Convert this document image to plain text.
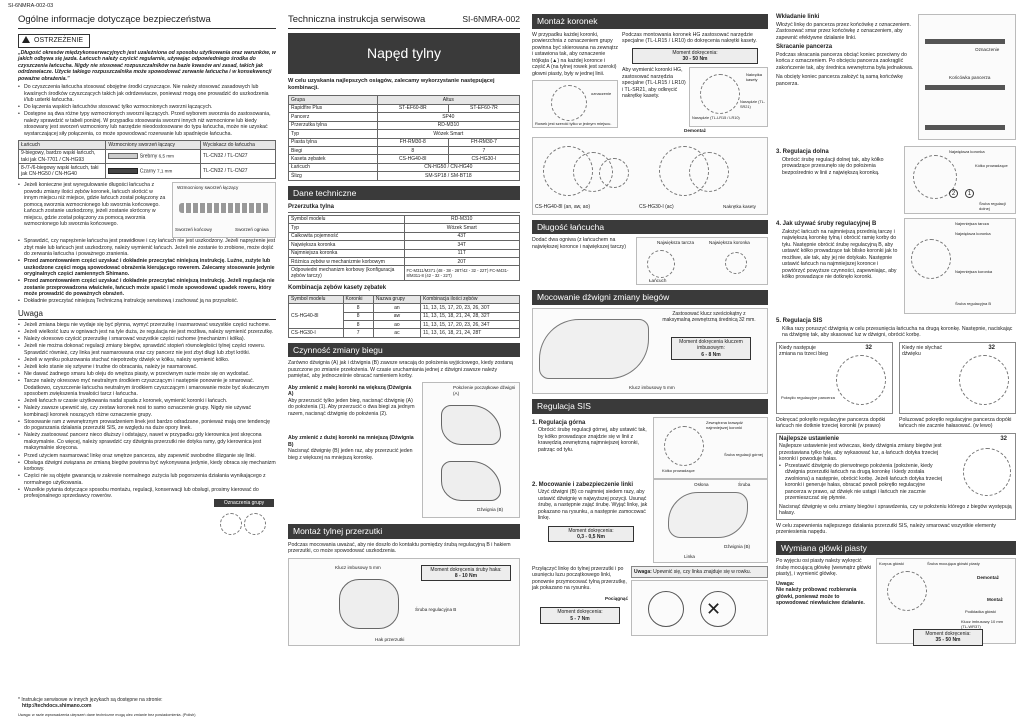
SI-6NMRA-002-03
Ogólne informacje dotyczące bezpieczeństwa
OSTRZEŻENIE

„Długość okresów międzykonserwacyjnych jest uzależniona od sposobu użytkowania oraz warunków, w jakich odbywa się jazda. Łańcuch należy czyścić regularnie, używając odpowiedniego środka do czyszczenia łańcucha. Nigdy nie stosować rozpuszczalników na bazie kwasów ani zasad, takich jak odrdzewiacze. Użycie takiego rozpuszczalnika może spowodować zerwanie łańcucha i w konsekwencji poważne obrażenia.”

• Do czyszczenia łańcucha stosować obojętne środki czyszczące. Nie należy stosować zasadowych lub kwaśnych środków czyszczących takich jak odrdzewiacze, ponieważ mogą one prowadzić do uszkodzenia i/lub usterki łańcucha.
• Do łączenia wąskich łańcuchów stosować tylko wzmocnionych sworzni łączących.
• Dostępne są dwa różne typy wzmocnionych sworzni łączących. Przed wyborem sworznia do zastosowania, należy sprawdzić w tabeli poniżej. W przypadku stosowania sworzni innych niż wzmocnione lub kiedy stosowany jest sworzeń wzmocniony lub narzędzie nieodostosowane do typu łańcucha, może nie uzyskać wystarczającej siły połączenia, co może spowodować rozerwanie lub spadnięcie łańcucha.
Łańcuch	Wzmocniony sworzeń łączący	Wyciskacz do łańcucha
9-biegowy, bardzo wąski łańcuch, taki jak CN-7701 / CN-HG93	Srebrny 6,5 mm	TL-CN32 / TL-CN27
8-/7-/6-biegowy wąski łańcuch, taki jak CN-HG50 / CN-HG40	Czarny 7,1 mm	TL-CN32 / TL-CN27
• Jeżeli konieczne jest wyregulowanie długości łańcucha z powodu zmiany ilości zębów koronek, łańcuch skrócić w innym miejscu niż miejsce, gdzie łańcuch został połączony za pomocą sworznia wzmocnionego lub sworznia końcowego. Łańcuch zostanie uszkodzony, jeżeli zostanie skrócony w miejscu, gdzie został połączony za pomocą sworznia wzmocnionego lub sworznia końcowego.
Wzmocniony sworzeń łączący
Sworzeń końcowy	Sworzeń ogniwa
• Sprawdzić, czy naprężenie łańcucha jest prawidłowe i czy łańcuch nie jest uszkodzony. Jeżeli naprężenie jest zbyt małe lub łańcuch jest uszkodzony, należy wymienić łańcuch. Jeżeli nie zostanie to zrobione, może dojść do zerwania łańcucha i poważnego zranienia.
• Przed zamontowaniem części uzyskać i dokładnie przeczytać niniejszą instrukcję. Luźne, zużyte lub uszkodzone części mogą spowodować obrażenia kierującego rowerem. Zalecamy stosowanie jedynie oryginalnych części zamiennych Shimano.
• Przed zamontowaniem części uzyskać i dokładnie przeczytać niniejszą instrukcję. Jeżeli regulacja nie zostanie przeprowadzona właściwie, łańcuch może spaść i może spowodować upadek roweru, który może prowadzić do poważnych obrażeń.
• Dokładnie przeczytać niniejszą Techniczną instrukcję serwisową i zachować ją na przyszłość.
Uwaga
• Jeżeli zmiana biegu nie wydaje się być płynna, wymyć przerzutkę i nasmarować wszystkie części ruchome.
• Jeżeli wielkość luzu w ogniwach jest na tyle duża, że regulacja nie jest możliwa, należy wymienić przerzutkę.
• Należy okresowo czyścić przerzutkę i smarować wszystkie części ruchome (mechanizm i kółka).
• Jeżeli nie można dokonać regulacji zmiany biegów, sprawdzić stopień równoległości tylnej części roweru. Sprawdzić również, czy linka jest nasmarowana oraz czy pancerz nie jest zbyt długi lub zbyt krótki.
• Jeżeli w wyniku poluzowania stuchać niepotrzeby dźwięk w kółku, należy wymienić kółko.
• Jeżeli koło stanie się sztywne i trudne do obracania, należy je nasmarować.
• Nie dawać żadnego smaru lub oleju do wnętrza piasty, w przeciwnym razie może się on wydostać.
• Tarcze należy okresowo myć neutralnym środkiem czyszczącym i następnie ponownie je smarować. Dodatkowo, czyszczenie łańcucha neutralnym środkiem czyszczącym i smarowanie może być skutecznym sposobem zwiększenia trwałości tarcz i łańcucha.
• Jeżeli łańcuch w czasie użytkowania nadal spada z koronek, wymienić koronki i łańcuch.
• Należy zawsze upewnić się, czy zestaw koronek nosi to samo oznaczenie grupy. Nigdy nie używać kombinacji koronek noszących różne oznaczenie grupy.
• Stosowanie ram z wewnętrznym prowadzeniem linek jest bardzo odradzane, ponieważ mają one tendencję do pogarszania działania przerzutki SIS, ze względu na duże opory linek.
• Należy zastosować pancerz nieco dłuższy i odstający, nawet w przypadku gdy kierownica jest skręcona maksymalnie. Co więcej, należy sprawdzić czy dźwignia przerzutki nie dotyka ramy, gdy kierownica jest maksymalnie skręcona.
• Przed użyciem nasmarować linkę oraz wnętrze pancerza, aby zapewnić swobodne ślizganie się linki.
• Obsługa dźwigni związana ze zmianą biegów powinna być wykonywana jedynie, kiedy obraca się mechanizm korbowy.
• Części nie są objęte gwarancją w zakresie normalnego zużycia lub pogorszenia działania wynikającego z normalnego użytkowania.
• Wszelkie pytania dotyczące sposobu montażu, regulacji, konserwacji lub obsługi, prosimy kierować do profesjonalnego sprzedawcy rowerów.
Oznaczenia grupy
* Instrukcje serwisowe w innych językach są dostępne na stronie:
http://techdocs.shimano.com
Uwaga: w razie wprowadzenia ulepszeń dane techniczne mogą ulec zmianie bez powiadomienia. (Polish)
Techniczna instrukcja serwisowa	SI-6NMRA-002
Napęd tylny

W celu uzyskania najlepszych osiągów, zalecamy wykorzystanie następującej kombinacji.

Grupa	Altus	
Rapidfire Plus	ST-EF60-8R	ST-EF60-7R
Pancerz	SP40	
Przerzutka tylna	RD-M310	
Typ	Wózek Smart	
Piasta tylna	FH-RM30-8	FH-RM30-7
Biegi	8	7
Kaseta zębatek	CS-HG40-8I	CS-HG30-I
Łańcuch	CN-HG50 / CN-HG40	
Ślizg	SM-SP18 / SM-BT18	
Dane techniczne
Przerzutka tylna
Symbol modelu	RD-M310
Typ	Wózek Smart
Całkowita pojemność	43T
Największa koronka	34T
Najmniejsza koronka	11T
Różnica zębów w mechanizmie korbowym	20T
Odpowiedni mechanizm korbowy (konfiguracja zębów tarczy)	FC-M311/M371 (48 - 38 - 28T/42 - 32 - 22T) FC-M431-8/M311-8 (42 - 32 - 22T)
Kombinacja zębów kasety zębatek
Symbol modelu	Koronki	Nazwa grupy	Kombinacja ilości zębów
CS-HG40-8I	8	an	11, 13, 15, 17, 20, 23, 26, 30T
	8	aw	11, 13, 15, 18, 21, 24, 28, 32T
	8	ao	11, 13, 15, 17, 20, 23, 26, 34T
CS-HG30-I	7	ac	11, 13, 16, 18, 21, 24, 28T
Czynność zmiany biegu

Zarówno dźwignia (A) jak i dźwignia (B) zawsze wracają do położenia wyjściowego, kiedy zostaną puszczone po zmianie przełożenia. W czasie uruchamiania jednej z dźwigni zawsze należy pamiętać, aby jednocześnie obracać ramieniem korby.

Aby zmienić z małej koronki na większą (Dźwignia A)

Aby przerzucić tylko jeden bieg, nacisnąć dźwignię (A) do położenia (1). Aby przerzucić o dwa biegi za jednym razem, nacisnąć dźwignię do położenia (2).

Aby zmienić z dużej koronki na mniejszą (Dźwignia B)

Nacisnąć dźwignię (B) jeden raz, aby przerzucić jeden bieg z większej na mniejszą koronkę.

Położenie początkowe dźwigni (A)
Dźwignia (B)
Montaż tylnej przerzutki

Podczas mocowania uważać, aby nie doszło do kontaktu pomiędzy śrubą regulacyjną B i hakiem przerzutki, co może spowodować uszkodzenia.

Klucz imbusowy 5 mm
Śruba regulacyjna B
Hak przerzutki
Moment dokręcenia śruby haka:
8 - 10 Nm
Montaż koronek

W przypadku każdej koronki, powierzchnia z oznaczeniem grupy powinna być skierowana na zewnątrz i ustawiona tak, aby oznaczenie trójkąta (▲) na każdej koronce i część A (na tylnej rowek jest szeroki) głowni piasty, były w jednej linii.

Rowek jest szeroki tylko w jednym miejscu.
oznaczenie

Podczas montowania koronek HG zastosować narzędzie specjalne (TL-LR15 / LR10) do dokręcenia nakrętki kasety.

Moment dokręcenia:
30 - 50 Nm

Aby wymienić koronki HG, zastosować narzędzia specjalne (TL-LR15 / LR10) i TL-SR21, aby odkręcić nakrętkę kasety.

Nakrętka kasety
Narzędzie (TL-LR15 / LR10)
Narzędzie (TL-SR21)
Demontaż
Nakrętka kasety
CS-HG40-8I (an, aw, ao)	CS-HG30-I (ac)
Długość łańcucha

Dodać dwa ogniwa (z łańcuchem na największej koronce i największej tarczy)

Największa tarcza	Największa koronka
Łańcuch
Mocowanie dźwigni zmiany biegów
Zastosować klucz sześciokątny z maksymalną zewnętrzną średnicą 32 mm.
Moment dokręcenia kluczem imbusowym:
6 - 8 Nm
Klucz imbusowy 5 mm
Regulacja SIS
1. Regulacja górna

Obrócić śrubę regulacji górnej, aby ustawić tak, by kółko prowadzące znajdzie się w linii z krawędzią zewnętrzną najmniejszej koronki, patrząc od tyłu.

Zewnętrzna krawędź najmniejszej koronki
Śruba regulacji górnej
Kółko prowadzące
2. Mocowanie i zabezpieczenie linki

Użyć dźwigni (B) co najmniej siedem razy, aby ustawić dźwignię w najwyższej pozycji. Usunąć śrubę, a następnie zająć śrubę. Wyjąć linkę, jak pokazano na rysunku, a następnie zamocować linkę.

Moment dokręcenia:
0,3 - 0,5 Nm
Osłona	Śruba
Dźwignia (B)
Linka

Przyłączyć linkę do tylnej przerzutki i po usunięciu luzu początkowego linki, ponownie przymocować tylną przerzutkę, jak pokazano na rysunku.

Pociągnąć
Moment dokręcenia:
5 - 7 Nm
Uwaga: Upewnić się, czy linka znajduje się w rowku.
✕

Wkładanie linki

Włożyć linkę do pancerza przez końcówkę z oznaczeniem. Zastosować smar przez końcówkę z oznaczeniem, aby zapewnić efektywne działanie linki.

Skracanie pancerza

Podczas skracania pancerza obciąć koniec przeciwny do końca z oznaczeniem. Po obcięciu pancerza zaokrąglić zakończenie tak, aby średnica wewnętrzna była jednakowa.

Na obcięty koniec pancerza założyć tą samą końcówkę pancerza.

Oznaczenie
Końcówka pancerza
3. Regulacja dolna

Obrócić śrubę regulacji dolnej tak, aby kółko prowadzące przesunęło się do położenia bezpośrednio w linii z największą koronką.

Największa koronka
Kółko prowadzące
2	1
Śruba regulacji dolnej
4. Jak używać śruby regulacyjnej B

Założyć łańcuch na najmniejszą przednią tarczę i największą koronkę tylną i obrócić ramię korby do tyłu. Następnie obrócić śrubę regulacyjną B, aby ustawić kółko prowadzące tak blisko koronki jak to możliwe, ale tak, aby jej nie dotykało. Następnie ustawić łańcuch na najmniejszej koronce i powtórzyć powyższe czynności, zapewniając, aby kółko prowadzące nie dotknęło koronki.

Najmniejsza tarcza
Największa koronka
Najmniejsza koronka
Śruba regulacyjna B
5. Regulacja SIS

Kilka razy poruszyć dźwignią w celu przesunięcia łańcucha na drugą koronkę. Następnie, naciskając na dźwignię tak, aby skasować luz w dźwigni, obrócić korbę.

Kiedy następuje zmiana na trzeci bieg
32
Pokrętło regulacyjne pancerza
Kiedy nie słychać dźwięku
32

Dokręcać pokrętło regulacyjne pancerza dopóki łańcuch nie dotknie trzeciej koronki (w prawo)

Poluzować pokrętło regulacyjne pancerza dopóki łańcuch nie zacznie hałasować. (w lewo)

Najlepsze ustawienie	32

Najlepsze ustawienie jest wówczas, kiedy dźwignia zmiany biegów jest przestawiana tylko tyle, aby wykasować luz, a łańcuch dotyka trzeciej koronki i powoduje hałas.

• Przestawić dźwignię do pierwotnego położenia (położenie, kiedy dźwignia przerzutki łańcuch na drugą koronkę i kiedy została zwolniona) a następnie, obrócić korbę. Jeżeli łańcuch dotyka trzeciej koronki i generuje hałas, obracać powoli pokrętło regulacyjne pancerza w prawo, aż dźwięk nie ustąpi i łańcuch nie zacznie przemieszczać się płynnie.

Nacisnąć dźwignię w celu zmiany biegów i sprawdzenia, czy w położeniu którego z biegów występują hałasy.

W celu zapewnienia najlepszego działania przerzutki SIS, należy smarować wszystkie elementy przeniesienia napędu.

Wymiana główki piasty

Po wyjęciu osi piasty należy wykręcić śrubę mocującą główkę (wewnątrz główki piasty), i wymienić główkę.

Uwaga:

Nie należy próbować rozbierania główki, ponieważ może to spowodować niewłaściwe działanie.

Korpus główki	Śruba mocująca główki piasty
Demontaż
Montaż
Podkładka główki
Klucz imbusowy 10 mm (TL-WR37)
Moment dokręcenia:
35 - 50 Nm
